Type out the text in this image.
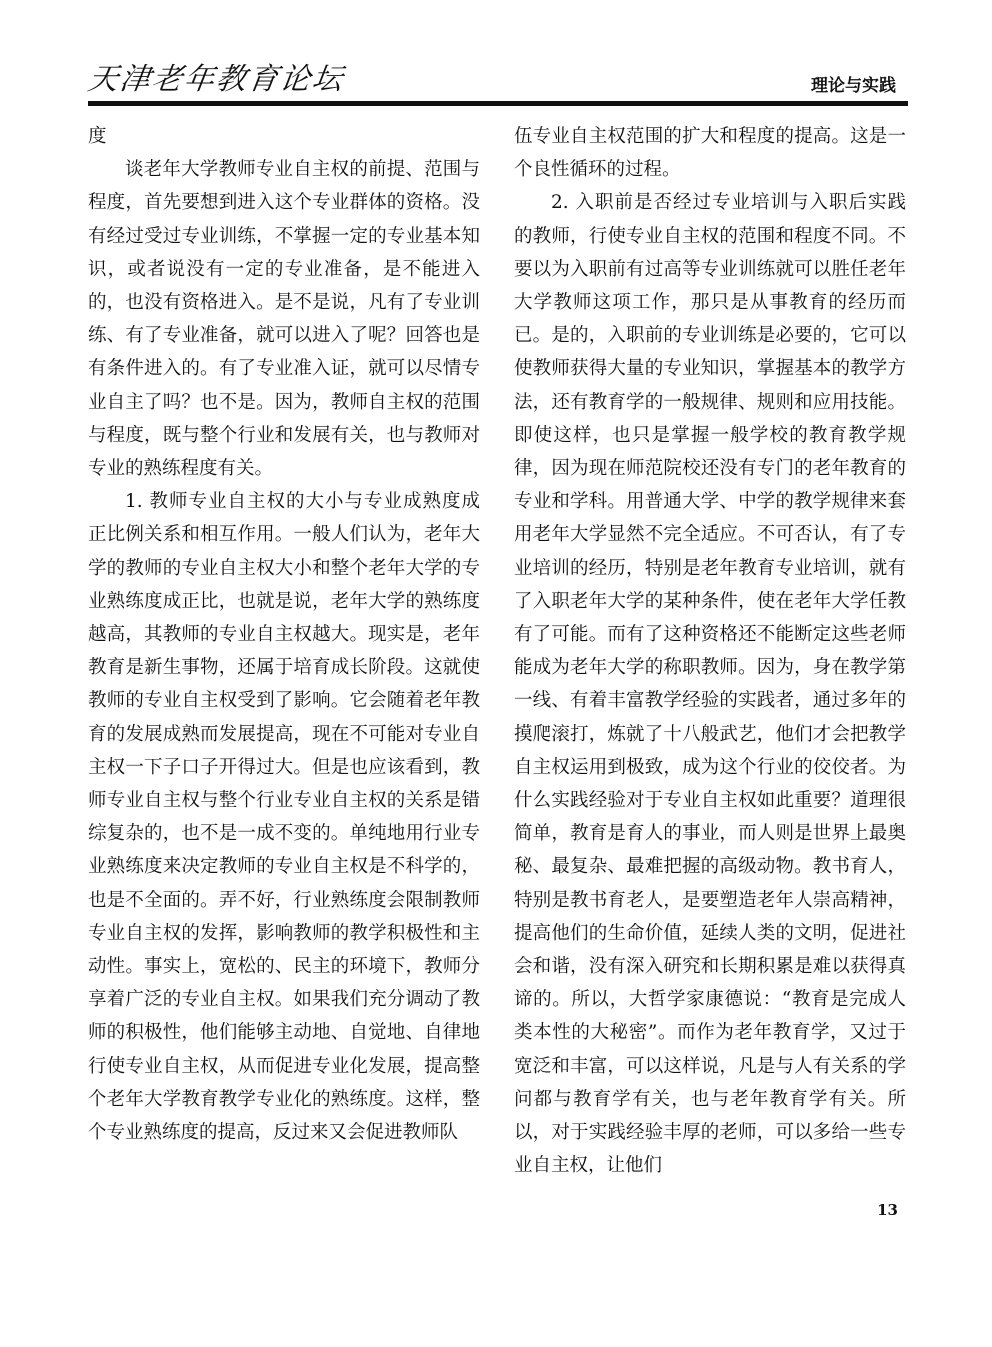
天津老年教育论坛	理论与实践

度

谈老年大学教师专业自主权的前提、范围与程度，首先要想到进入这个专业群体的资格。没有经过受过专业训练，不掌握一定的专业基本知识，或者说没有一定的专业准备，是不能进入的，也没有资格进入。是不是说，凡有了专业训练、有了专业准备，就可以进入了呢？回答也是有条件进入的。有了专业准入证，就可以尽情专业自主了吗？也不是。因为，教师自主权的范围与程度，既与整个行业和发展有关，也与教师对专业的熟练程度有关。

1. 教师专业自主权的大小与专业成熟度成正比例关系和相互作用。一般人们认为，老年大学的教师的专业自主权大小和整个老年大学的专业熟练度成正比，也就是说，老年大学的熟练度越高，其教师的专业自主权越大。现实是，老年教育是新生事物，还属于培育成长阶段。这就使教师的专业自主权受到了影响。它会随着老年教育的发展成熟而发展提高，现在不可能对专业自主权一下子口子开得过大。但是也应该看到，教师专业自主权与整个行业专业自主权的关系是错综复杂的，也不是一成不变的。单纯地用行业专业熟练度来决定教师的专业自主权是不科学的，也是不全面的。弄不好，行业熟练度会限制教师专业自主权的发挥，影响教师的教学积极性和主动性。事实上，宽松的、民主的环境下，教师分享着广泛的专业自主权。如果我们充分调动了教师的积极性，他们能够主动地、自觉地、自律地行使专业自主权，从而促进专业化发展，提高整个老年大学教育教学专业化的熟练度。这样，整个专业熟练度的提高，反过来又会促进教师队

伍专业自主权范围的扩大和程度的提高。这是一个良性循环的过程。

2. 入职前是否经过专业培训与入职后实践的教师，行使专业自主权的范围和程度不同。不要以为入职前有过高等专业训练就可以胜任老年大学教师这项工作，那只是从事教育的经历而已。是的，入职前的专业训练是必要的，它可以使教师获得大量的专业知识，掌握基本的教学方法，还有教育学的一般规律、规则和应用技能。即使这样，也只是掌握一般学校的教育教学规律，因为现在师范院校还没有专门的老年教育的专业和学科。用普通大学、中学的教学规律来套用老年大学显然不完全适应。不可否认，有了专业培训的经历，特别是老年教育专业培训，就有了入职老年大学的某种条件，使在老年大学任教有了可能。而有了这种资格还不能断定这些老师能成为老年大学的称职教师。因为，身在教学第一线、有着丰富教学经验的实践者，通过多年的摸爬滚打，炼就了十八般武艺，他们才会把教学自主权运用到极致，成为这个行业的佼佼者。为什么实践经验对于专业自主权如此重要？道理很简单，教育是育人的事业，而人则是世界上最奥秘、最复杂、最难把握的高级动物。教书育人，特别是教书育老人，是要塑造老年人崇高精神，提高他们的生命价值，延续人类的文明，促进社会和谐，没有深入研究和长期积累是难以获得真谛的。所以，大哲学家康德说：“教育是完成人类本性的大秘密”。而作为老年教育学，又过于宽泛和丰富，可以这样说，凡是与人有关系的学问都与教育学有关，也与老年教育学有关。所以，对于实践经验丰厚的老师，可以多给一些专业自主权，让他们

13
